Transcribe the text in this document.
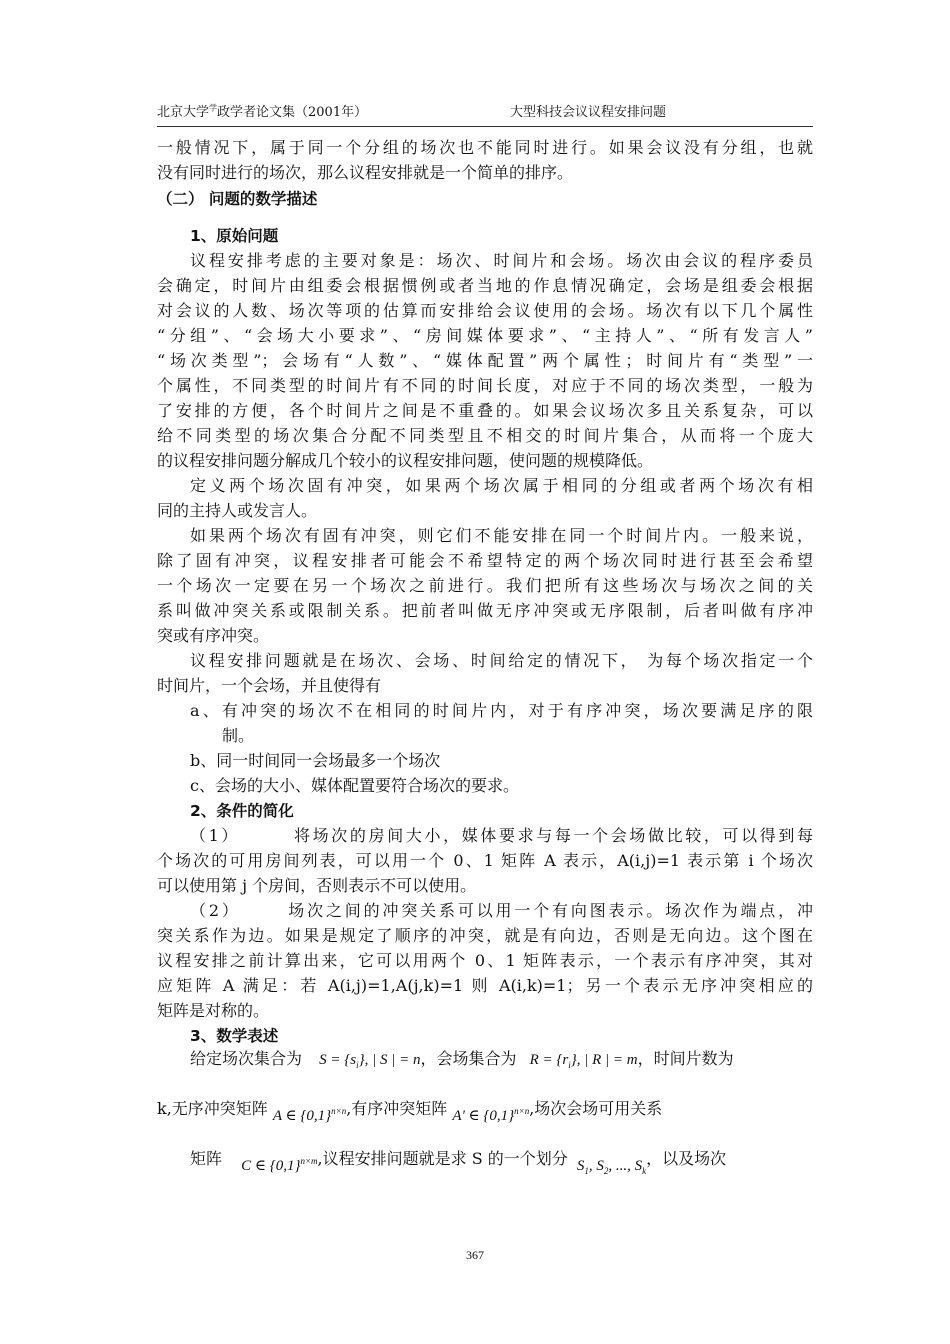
北京大学$^学$政学者论文集（2001年）	大型科技会议议程安排问题
一般情况下，属于同一个分组的场次也不能同时进行。如果会议没有分组，也就
没有同时进行的场次，那么议程安排就是一个简单的排序。
（二） 问题的数学描述
1、原始问题
议程安排考虑的主要对象是：场次、时间片和会场。场次由会议的程序委员
会确定，时间片由组委会根据惯例或者当地的作息情况确定，会场是组委会根据
对会议的人数、场次等项的估算而安排给会议使用的会场。场次有以下几个属性
“分组”、“会场大小要求”、“房间媒体要求”、“主持人”、“所有发言人”
“场次类型”；会场有“人数”、“媒体配置”两个属性；时间片有“类型”一
个属性，不同类型的时间片有不同的时间长度，对应于不同的场次类型，一般为
了安排的方便，各个时间片之间是不重叠的。如果会议场次多且关系复杂，可以
给不同类型的场次集合分配不同类型且不相交的时间片集合，从而将一个庞大
的议程安排问题分解成几个较小的议程安排问题，使问题的规模降低。
定义两个场次固有冲突，如果两个场次属于相同的分组或者两个场次有相
同的主持人或发言人。
如果两个场次有固有冲突，则它们不能安排在同一个时间片内。一般来说，
除了固有冲突，议程安排者可能会不希望特定的两个场次同时进行甚至会希望
一个场次一定要在另一个场次之前进行。我们把所有这些场次与场次之间的关
系叫做冲突关系或限制关系。把前者叫做无序冲突或无序限制，后者叫做有序冲
突或有序冲突。
议程安排问题就是在场次、会场、时间给定的情况下， 为每个场次指定一个
时间片，一个会场，并且使得有
a、有冲突的场次不在相同的时间片内，对于有序冲突，场次要满足序的限
制。
b、同一时间同一会场最多一个场次
c、会场的大小、媒体配置要符合场次的要求。
2、条件的简化
（1）       将场次的房间大小，媒体要求与每一个会场做比较，可以得到每
个场次的可用房间列表，可以用一个 0、1 矩阵 A 表示，A(i,j)=1 表示第 i 个场次
可以使用第 j 个房间，否则表示不可以使用。
（2）      场次之间的冲突关系可以用一个有向图表示。场次作为端点，冲
突关系作为边。如果是规定了顺序的冲突，就是有向边，否则是无向边。这个图在
议程安排之前计算出来，它可以用两个 0、1 矩阵表示，一个表示有序冲突，其对
应矩阵 A 满足：若 A(i,j)=1,A(j,k)=1 则 A(i,k)=1；另一个表示无序冲突相应的
矩阵是对称的。
3、数学表述
给定场次集合为 $S = \{s_i\}$, | S | = n，会场集合为 $R = \{r_i\}$, | R | = m，时间片数为
k,无序冲突矩阵 A ∈ $\{0,1\}^{n\times n}$,有序冲突矩阵 A' ∈ $\{0,1\}^{n\times n}$,场次会场可用关系
矩阵 C ∈ $\{0,1\}^{n\times m}$,议程安排问题就是求 S 的一个划分 $S_1$, $S_2$, ..., $S_k$，以及场次
367
